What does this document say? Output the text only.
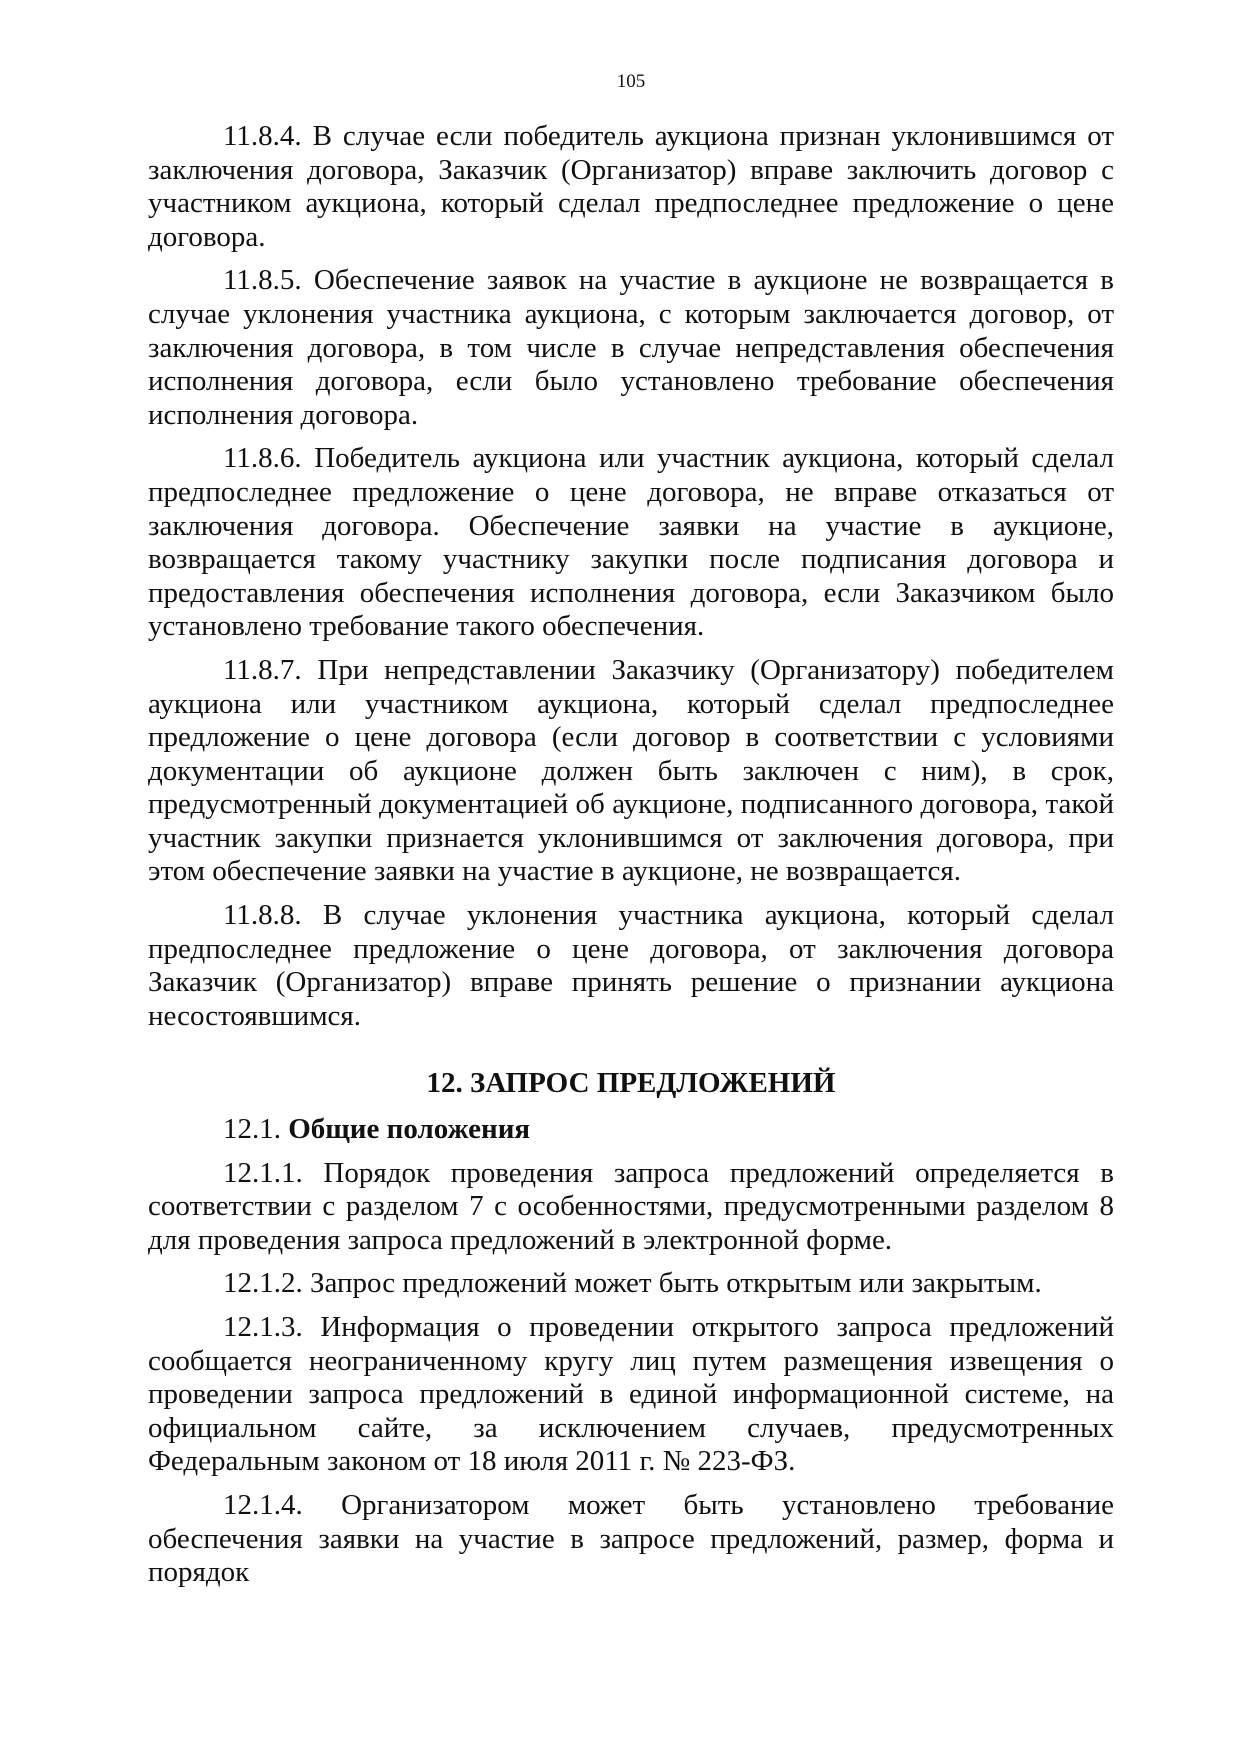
105

11.8.4. В случае если победитель аукциона признан уклонившимся от заключения договора, Заказчик (Организатор) вправе заключить договор с участником аукциона, который сделал предпоследнее предложение о цене договора.

11.8.5. Обеспечение заявок на участие в аукционе не возвращается в случае уклонения участника аукциона, с которым заключается договор, от заключения договора, в том числе в случае непредставления обеспечения исполнения договора, если было установлено требование обеспечения исполнения договора.

11.8.6. Победитель аукциона или участник аукциона, который сделал предпоследнее предложение о цене договора, не вправе отказаться от заключения договора. Обеспечение заявки на участие в аукционе, возвращается такому участнику закупки после подписания договора и предоставления обеспечения исполнения договора, если Заказчиком было установлено требование такого обеспечения.

11.8.7. При непредставлении Заказчику (Организатору) победителем аукциона или участником аукциона, который сделал предпоследнее предложение о цене договора (если договор в соответствии с условиями документации об аукционе должен быть заключен с ним), в срок, предусмотренный документацией об аукционе, подписанного договора, такой участник закупки признается уклонившимся от заключения договора, при этом обеспечение заявки на участие в аукционе, не возвращается.

11.8.8. В случае уклонения участника аукциона, который сделал предпоследнее предложение о цене договора, от заключения договора Заказчик (Организатор) вправе принять решение о признании аукциона несостоявшимся.

12. ЗАПРОС ПРЕДЛОЖЕНИЙ

12.1. Общие положения

12.1.1. Порядок проведения запроса предложений определяется в соответствии с разделом 7 с особенностями, предусмотренными разделом 8 для проведения запроса предложений в электронной форме.

12.1.2. Запрос предложений может быть открытым или закрытым.

12.1.3. Информация о проведении открытого запроса предложений сообщается неограниченному кругу лиц путем размещения извещения о проведении запроса предложений в единой информационной системе, на официальном сайте, за исключением случаев, предусмотренных Федеральным законом от 18 июля 2011 г. № 223-ФЗ.

12.1.4. Организатором может быть установлено требование обеспечения заявки на участие в запросе предложений, размер, форма и порядок
